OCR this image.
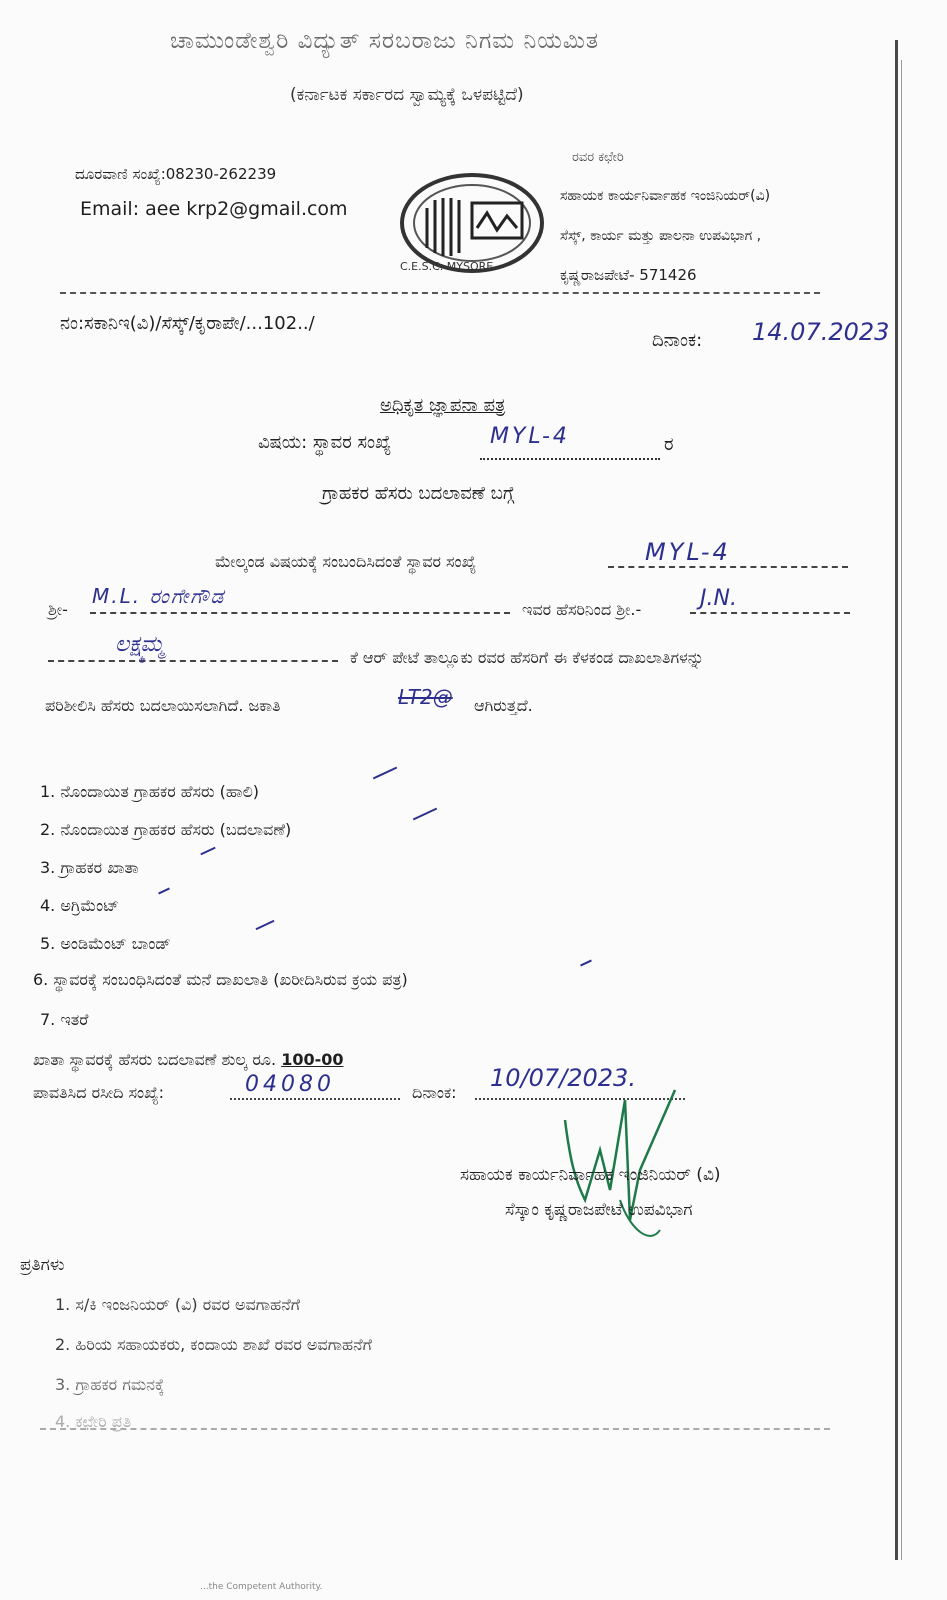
ಚಾಮುಂಡೇಶ್ವರಿ ವಿದ್ಯುತ್ ಸರಬರಾಜು ನಿಗಮ ನಿಯಮಿತ
(ಕರ್ನಾಟಕ ಸರ್ಕಾರದ ಸ್ವಾಮ್ಯಕ್ಕೆ ಒಳಪಟ್ಟಿದೆ)
ದೂರವಾಣಿ ಸಂಖ್ಯೆ:08230-262239
Email: aee krp2@gmail.com
C.E.S.C. MYSORE
ರವರ ಕಛೇರಿ
ಸಹಾಯಕ ಕಾರ್ಯನಿರ್ವಾಹಕ ಇಂಜಿನಿಯರ್(ವಿ)
ಸೆಸ್ಕ್, ಕಾರ್ಯ ಮತ್ತು ಪಾಲನಾ ಉಪವಿಭಾಗ ,
ಕೃಷ್ಣರಾಜಪೇಟೆ- 571426
ನಂ:ಸಕಾನಿಇ(ವಿ)/ಸೆಸ್ಕ್/ಕೃರಾಪೇ/...102../
ದಿನಾಂಕ: 14.07.2023
ಅಧಿಕೃತ ಜ್ಞಾಪನಾ ಪತ್ರ
ವಿಷಯ: ಸ್ಥಾವರ ಸಂಖ್ಯೆ	MYL-4	ರ
ಗ್ರಾಹಕರ ಹೆಸರು ಬದಲಾವಣೆ ಬಗ್ಗೆ
ಮೇಲ್ಕಂಡ ವಿಷಯಕ್ಕೆ ಸಂಬಂದಿಸಿದಂತೆ ಸ್ಥಾವರ ಸಂಖ್ಯೆ	MYL-4
ಶ್ರೀ-
M.L. ರಂಗೇಗೌಡ
ಇವರ ಹೆಸರಿನಿಂದ ಶ್ರೀ.-	J.N.
ಲಕ್ಷ್ಮಮ್ಮ
ಕೆ ಆರ್ ಪೇಟೆ ತಾಲ್ಲೂಕು ರವರ ಹೆಸರಿಗೆ ಈ ಕೆಳಕಂಡ ದಾಖಲಾತಿಗಳನ್ನು
ಪರಿಶೀಲಿಸಿ ಹೆಸರು ಬದಲಾಯಿಸಲಾಗಿದೆ. ಜಕಾತಿ	LT2@ ಆಗಿರುತ್ತದೆ.
1. ನೊಂದಾಯಿತ ಗ್ರಾಹಕರ ಹೆಸರು (ಹಾಲಿ)
2. ನೊಂದಾಯಿತ ಗ್ರಾಹಕರ ಹೆಸರು (ಬದಲಾವಣೆ)
3. ಗ್ರಾಹಕರ ಖಾತಾ
4. ಅಗ್ರಿಮೆಂಟ್
5. ಅಂಡಿಮೆಂಟ್ ಬಾಂಡ್
6. ಸ್ಥಾವರಕ್ಕೆ ಸಂಬಂಧಿಸಿದಂತೆ ಮನೆ ದಾಖಲಾತಿ (ಖರೀದಿಸಿರುವ ಕ್ರಯ ಪತ್ರ)
7. ಇತರೆ
ಖಾತಾ ಸ್ಥಾವರಕ್ಕೆ ಹೆಸರು ಬದಲಾವಣೆ ಶುಲ್ಕ ರೂ. 100-00
ಪಾವತಿಸಿದ ರಸೀದಿ ಸಂಖ್ಯೆ:	04080	ದಿನಾಂಕ:
10/07/2023.
ಸಹಾಯಕ ಕಾರ್ಯನಿರ್ವಾಹಕ ಇಂಜಿನಿಯರ್ (ವಿ)
ಸೆಸ್ಕಾಂ ಕೃಷ್ಣರಾಜಪೇಟೆ ಉಪವಿಭಾಗ
ಪ್ರತಿಗಳು
1. ಸ/ಕಿ ಇಂಜನಿಯರ್ (ವಿ) ರವರ ಅವಗಾಹನೆಗೆ
2. ಹಿರಿಯ ಸಹಾಯಕರು, ಕಂದಾಯ ಶಾಖೆ ರವರ ಅವಗಾಹನೆಗೆ
3. ಗ್ರಾಹಕರ ಗಮನಕ್ಕೆ
4. ಕಛೇರಿ ಪ್ರತಿ
...the Competent Authority.
